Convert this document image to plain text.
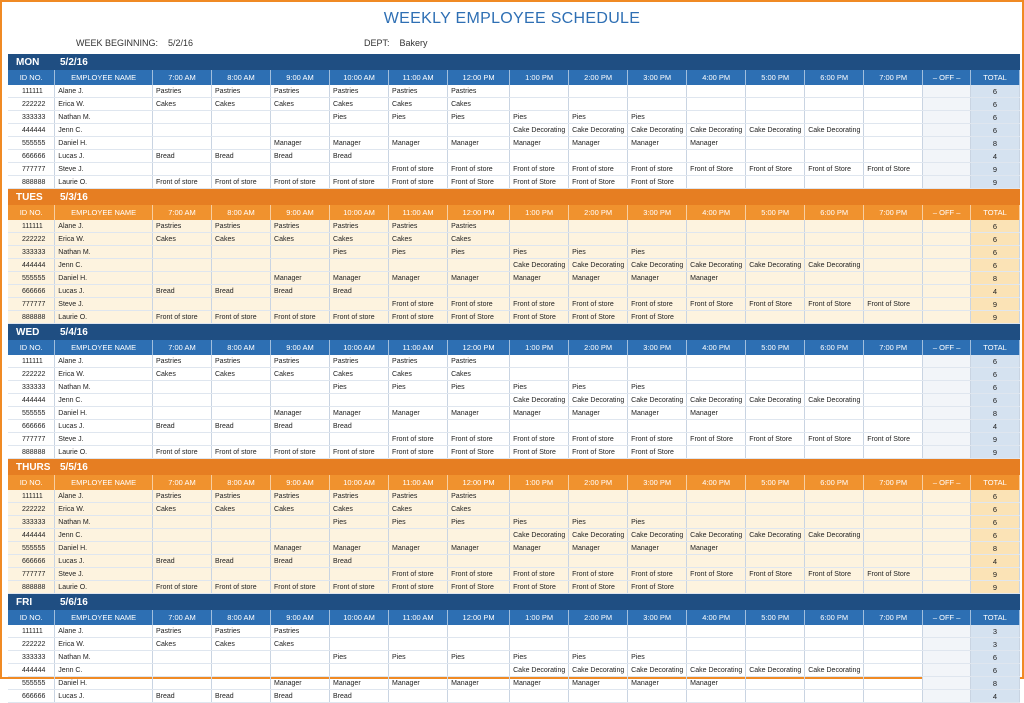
WEEKLY EMPLOYEE SCHEDULE
WEEK BEGINNING: 5/2/16	DEPT: Bakery
MON	5/2/16
ID NO.	EMPLOYEE NAME	7:00 AM	8:00 AM	9:00 AM	10:00 AM	11:00 AM	12:00 PM	1:00 PM	2:00 PM	3:00 PM	4:00 PM	5:00 PM	6:00 PM	7:00 PM	– OFF –	TOTAL
111111	Alane J.	Pastries	Pastries	Pastries	Pastries	Pastries	Pastries									6
222222	Erica W.	Cakes	Cakes	Cakes	Cakes	Cakes	Cakes									6
333333	Nathan M.				Pies	Pies	Pies	Pies	Pies	Pies						6
444444	Jenn C.							Cake Decorating	Cake Decorating	Cake Decorating	Cake Decorating	Cake Decorating	Cake Decorating			6
555555	Daniel H.			Manager	Manager	Manager	Manager	Manager	Manager	Manager	Manager					8
666666	Lucas J.	Bread	Bread	Bread	Bread											4
777777	Steve J.					Front of store	Front of store	Front of store	Front of store	Front of store	Front of Store	Front of Store	Front of Store	Front of Store		9
888888	Laurie O.	Front of store	Front of store	Front of store	Front of store	Front of store	Front of Store	Front of Store	Front of Store	Front of Store						9
TUES	5/3/16
ID NO.	EMPLOYEE NAME	7:00 AM	8:00 AM	9:00 AM	10:00 AM	11:00 AM	12:00 PM	1:00 PM	2:00 PM	3:00 PM	4:00 PM	5:00 PM	6:00 PM	7:00 PM	– OFF –	TOTAL
111111	Alane J.	Pastries	Pastries	Pastries	Pastries	Pastries	Pastries									6
222222	Erica W.	Cakes	Cakes	Cakes	Cakes	Cakes	Cakes									6
333333	Nathan M.				Pies	Pies	Pies	Pies	Pies	Pies						6
444444	Jenn C.							Cake Decorating	Cake Decorating	Cake Decorating	Cake Decorating	Cake Decorating	Cake Decorating			6
555555	Daniel H.			Manager	Manager	Manager	Manager	Manager	Manager	Manager	Manager					8
666666	Lucas J.	Bread	Bread	Bread	Bread											4
777777	Steve J.					Front of store	Front of store	Front of store	Front of store	Front of store	Front of Store	Front of Store	Front of Store	Front of Store		9
888888	Laurie O.	Front of store	Front of store	Front of store	Front of store	Front of store	Front of Store	Front of Store	Front of Store	Front of Store						9
WED	5/4/16
ID NO.	EMPLOYEE NAME	7:00 AM	8:00 AM	9:00 AM	10:00 AM	11:00 AM	12:00 PM	1:00 PM	2:00 PM	3:00 PM	4:00 PM	5:00 PM	6:00 PM	7:00 PM	– OFF –	TOTAL
111111	Alane J.	Pastries	Pastries	Pastries	Pastries	Pastries	Pastries									6
222222	Erica W.	Cakes	Cakes	Cakes	Cakes	Cakes	Cakes									6
333333	Nathan M.				Pies	Pies	Pies	Pies	Pies	Pies						6
444444	Jenn C.							Cake Decorating	Cake Decorating	Cake Decorating	Cake Decorating	Cake Decorating	Cake Decorating			6
555555	Daniel H.			Manager	Manager	Manager	Manager	Manager	Manager	Manager	Manager					8
666666	Lucas J.	Bread	Bread	Bread	Bread											4
777777	Steve J.					Front of store	Front of store	Front of store	Front of store	Front of store	Front of Store	Front of Store	Front of Store	Front of Store		9
888888	Laurie O.	Front of store	Front of store	Front of store	Front of store	Front of store	Front of Store	Front of Store	Front of Store	Front of Store						9
THURS 5/5/16
ID NO.	EMPLOYEE NAME	7:00 AM	8:00 AM	9:00 AM	10:00 AM	11:00 AM	12:00 PM	1:00 PM	2:00 PM	3:00 PM	4:00 PM	5:00 PM	6:00 PM	7:00 PM	– OFF –	TOTAL
111111	Alane J.	Pastries	Pastries	Pastries	Pastries	Pastries	Pastries									6
222222	Erica W.	Cakes	Cakes	Cakes	Cakes	Cakes	Cakes									6
333333	Nathan M.				Pies	Pies	Pies	Pies	Pies	Pies						6
444444	Jenn C.							Cake Decorating	Cake Decorating	Cake Decorating	Cake Decorating	Cake Decorating	Cake Decorating			6
555555	Daniel H.			Manager	Manager	Manager	Manager	Manager	Manager	Manager	Manager					8
666666	Lucas J.	Bread	Bread	Bread	Bread											4
777777	Steve J.					Front of store	Front of store	Front of store	Front of store	Front of store	Front of Store	Front of Store	Front of Store	Front of Store		9
888888	Laurie O.	Front of store	Front of store	Front of store	Front of store	Front of store	Front of Store	Front of Store	Front of Store	Front of Store						9
FRI	5/6/16
ID NO.	EMPLOYEE NAME	7:00 AM	8:00 AM	9:00 AM	10:00 AM	11:00 AM	12:00 PM	1:00 PM	2:00 PM	3:00 PM	4:00 PM	5:00 PM	6:00 PM	7:00 PM	– OFF –	TOTAL
111111	Alane J.	Pastries	Pastries	Pastries												3
222222	Erica W.	Cakes	Cakes	Cakes												3
333333	Nathan M.				Pies	Pies	Pies	Pies	Pies	Pies						6
444444	Jenn C.							Cake Decorating	Cake Decorating	Cake Decorating	Cake Decorating	Cake Decorating	Cake Decorating			6
555555	Daniel H.			Manager	Manager	Manager	Manager	Manager	Manager	Manager	Manager					8
666666	Lucas J.	Bread	Bread	Bread	Bread											4
